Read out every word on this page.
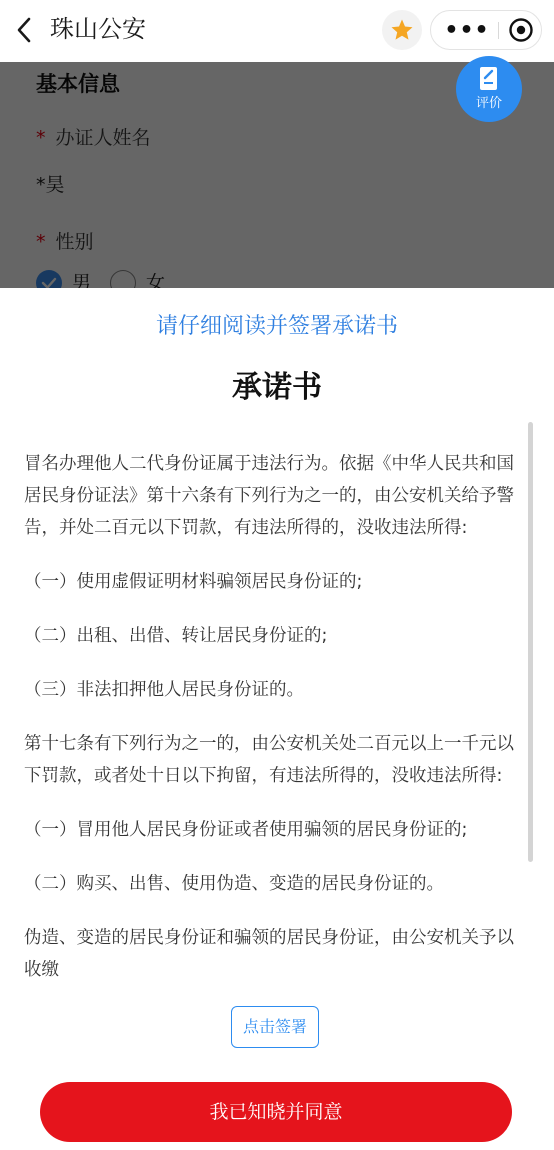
珠山公安	•••
评价
请仔细阅读并签署承诺书
承诺书

冒名办理他人二代身份证属于违法行为。依据《中华人民共和国居民身份证法》第十六条有下列行为之一的，由公安机关给予警告，并处二百元以下罚款，有违法所得的，没收违法所得:

（一）使用虚假证明材料骗领居民身份证的;

（二）出租、出借、转让居民身份证的;

（三）非法扣押他人居民身份证的。

第十七条有下列行为之一的，由公安机关处二百元以上一千元以下罚款，或者处十日以下拘留，有违法所得的，没收违法所得:

（一）冒用他人居民身份证或者使用骗领的居民身份证的;

（二）购买、出售、使用伪造、变造的居民身份证的。

伪造、变造的居民身份证和骗领的居民身份证，由公安机关予以收缴

点击签署
我已知晓并同意
